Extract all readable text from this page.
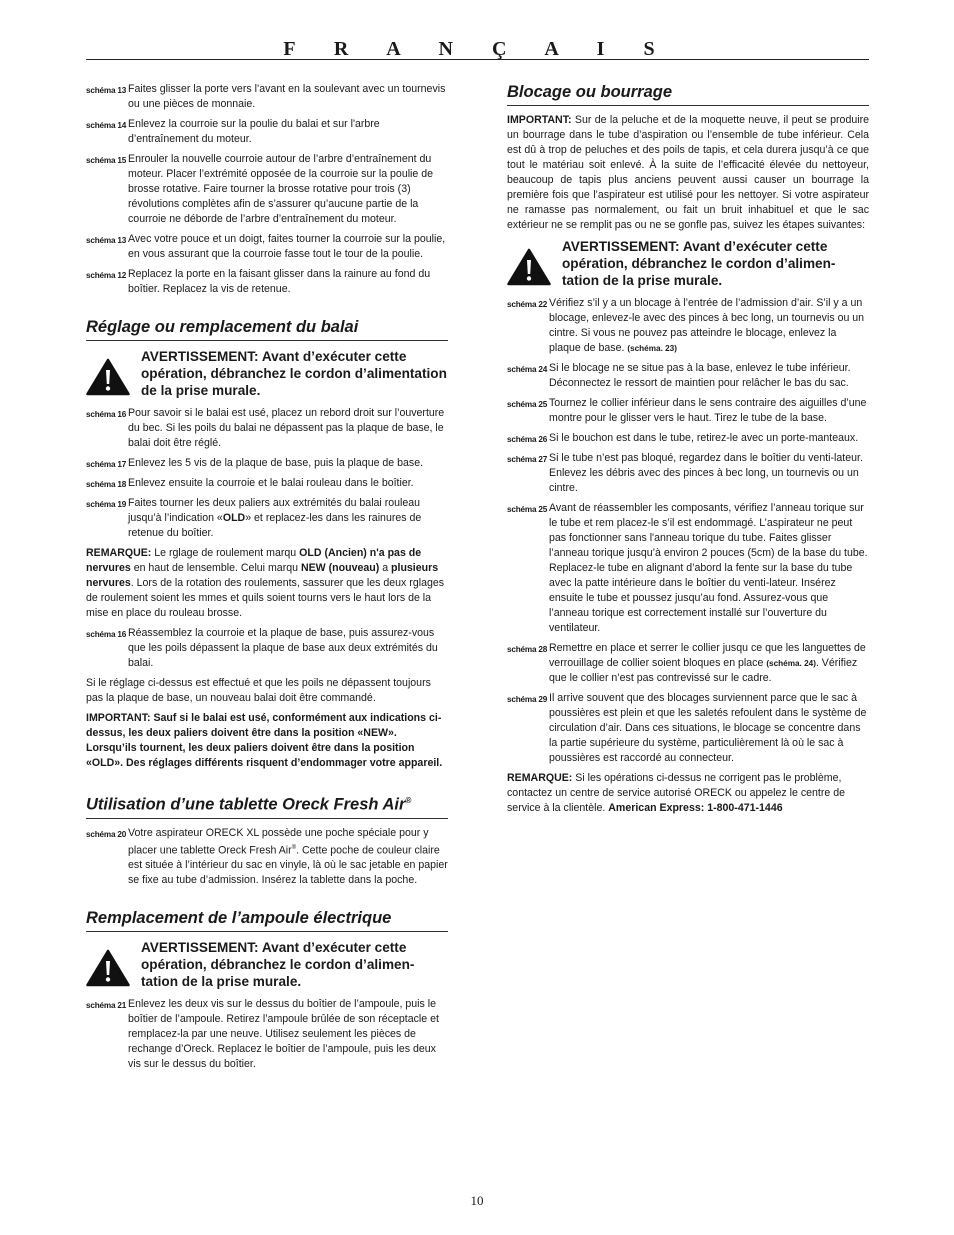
F R A N Ç A I S
schéma 13 Faites glisser la porte vers l’avant en la soulevant avec un tournevis ou une pièces de monnaie.
schéma 14 Enlevez la courroie sur la poulie du balai et sur l'arbre d’entraînement du moteur.
schéma 15 Enrouler la nouvelle courroie autour de l’arbre d’entraînement du moteur. Placer l’extrémité opposée de la courroie sur la poulie de brosse rotative. Faire tourner la brosse rotative pour trois (3) révolutions complètes afin de s’assurer qu’aucune partie de la courroie ne déborde de l’arbre d’entraînement du moteur.
schéma 13 Avec votre pouce et un doigt, faites tourner la courroie sur la poulie, en vous assurant que la courroie fasse tout le tour de la poulie.
schéma 12 Replacez la porte en la faisant glisser dans la rainure au fond du boîtier. Replacez la vis de retenue.
Réglage ou remplacement du balai
AVERTISSEMENT: Avant d’exécuter cette opération, débranchez le cordon d’alimentation de la prise murale.
schéma 16 Pour savoir si le balai est usé, placez un rebord droit sur l’ouverture du bec. Si les poils du balai ne dépassent pas la plaque de base, le balai doit être réglé.
schéma 17 Enlevez les 5 vis de la plaque de base, puis la plaque de base.
schéma 18 Enlevez ensuite la courroie et le balai rouleau dans le boîtier.
schéma 19 Faites tourner les deux paliers aux extrémités du balai rouleau jusqu’à l’indication «OLD» et replacez-les dans les rainures de retenue du boîtier.
REMARQUE: Le rglage de roulement marqu OLD (Ancien) n'a pas de nervures en haut de lensemble. Celui marqu NEW (nouveau) a plusieurs nervures. Lors de la rotation des roulements, sassurer que les deux rglages de roulement soient les mmes et quils soient tourns vers le haut lors de la mise en place du rouleau brosse.
schéma 16 Réassemblez la courroie et la plaque de base, puis assurez-vous que les poils dépassent la plaque de base aux deux extrémités du balai.
Si le réglage ci-dessus est effectué et que les poils ne dépassent toujours pas la plaque de base, un nouveau balai doit être commandé.
IMPORTANT: Sauf si le balai est usé, conformément aux indications ci-dessus, les deux paliers doivent être dans la position «NEW». Lorsqu’ils tournent, les deux paliers doivent être dans la position «OLD». Des réglages différents risquent d’endommager votre appareil.
Utilisation d’une tablette Oreck Fresh Air®
schéma 20 Votre aspirateur ORECK XL possède une poche spéciale pour y placer une tablette Oreck Fresh Air®. Cette poche de couleur claire est située à l’intérieur du sac en vinyle, là où le sac jetable en papier se fixe au tube d’admission. Insérez la tablette dans la poche.
Remplacement de l’ampoule électrique
AVERTISSEMENT: Avant d’exécuter cette opération, débranchez le cordon d’alimen- tation de la prise murale.
schéma 21 Enlevez les deux vis sur le dessus du boîtier de l’ampoule, puis le boîtier de l’ampoule. Retirez l’ampoule brûlée de son réceptacle et remplacez-la par une neuve. Utilisez seulement les pièces de rechange d’Oreck. Replacez le boîtier de l’ampoule, puis les deux vis sur le dessus du boîtier.
Blocage ou bourrage
IMPORTANT: Sur de la peluche et de la moquette neuve, il peut se produire un bourrage dans le tube d’aspiration ou l’ensemble de tube inférieur. Cela est dû à trop de peluches et des poils de tapis, et cela durera jusqu’à ce que tout le matériau soit enlevé. À la suite de l’efficacité élevée du nettoyeur, beaucoup de tapis plus anciens peuvent aussi causer un bourrage la première fois que l’aspirateur est utilisé pour les nettoyer. Si votre aspirateur ne ramasse pas normalement, ou fait un bruit inhabituel et que le sac extérieur ne se remplit pas ou ne se gonfle pas, suivez les étapes suivantes:
AVERTISSEMENT: Avant d’exécuter cette opération, débranchez le cordon d’alimen- tation de la prise murale.
schéma 22 Vérifiez s’il y a un blocage à l’entrée de l’admission d’air. S’il y a un blocage, enlevez-le avec des pinces à bec long, un tournevis ou un cintre. Si vous ne pouvez pas atteindre le blocage, enlevez la plaque de base. (schéma. 23)
schéma 24 Si le blocage ne se situe pas à la base, enlevez le tube inférieur. Déconnectez le ressort de maintien pour relâcher le bas du sac.
schéma 25 Tournez le collier inférieur dans le sens contraire des aiguilles d’une montre pour le glisser vers le haut. Tirez le tube de la base.
schéma 26 Si le bouchon est dans le tube, retirez-le avec un porte-manteaux.
schéma 27 Si le tube n’est pas bloqué, regardez dans le boîtier du venti-lateur. Enlevez les débris avec des pinces à bec long, un tournevis ou un cintre.
schéma 25 Avant de réassembler les composants, vérifiez l’anneau torique sur le tube et rem placez-le s’il est endommagé. L’aspirateur ne peut pas fonctionner sans l'anneau torique du tube. Faites glisser l’anneau torique jusqu’à environ 2 pouces (5cm) de la base du tube. Replacez-le tube en alignant d’abord la fente sur la base du tube avec la patte intérieure dans le boîtier du venti-lateur. Insérez ensuite le tube et poussez jusqu’au fond. Assurez-vous que l’anneau torique est correctement installé sur l’ouverture du ventilateur.
schéma 28 Remettre en place et serrer le collier jusqu ce que les languettes de verrouillage de collier soient bloques en place (schéma. 24). Vérifiez que le collier n’est pas contrevissé sur le cadre.
schéma 29 Il arrive souvent que des blocages surviennent parce que le sac à poussières est plein et que les saletés refoulent dans le système de circulation d’air. Dans ces situations, le blocage se concentre dans la partie supérieure du système, particulièrement là où le sac à poussières est raccordé au connecteur.
REMARQUE: Si les opérations ci-dessus ne corrigent pas le problème, contactez un centre de service autorisé ORECK ou appelez le centre de service à la clientèle. American Express: 1-800-471-1446
10
